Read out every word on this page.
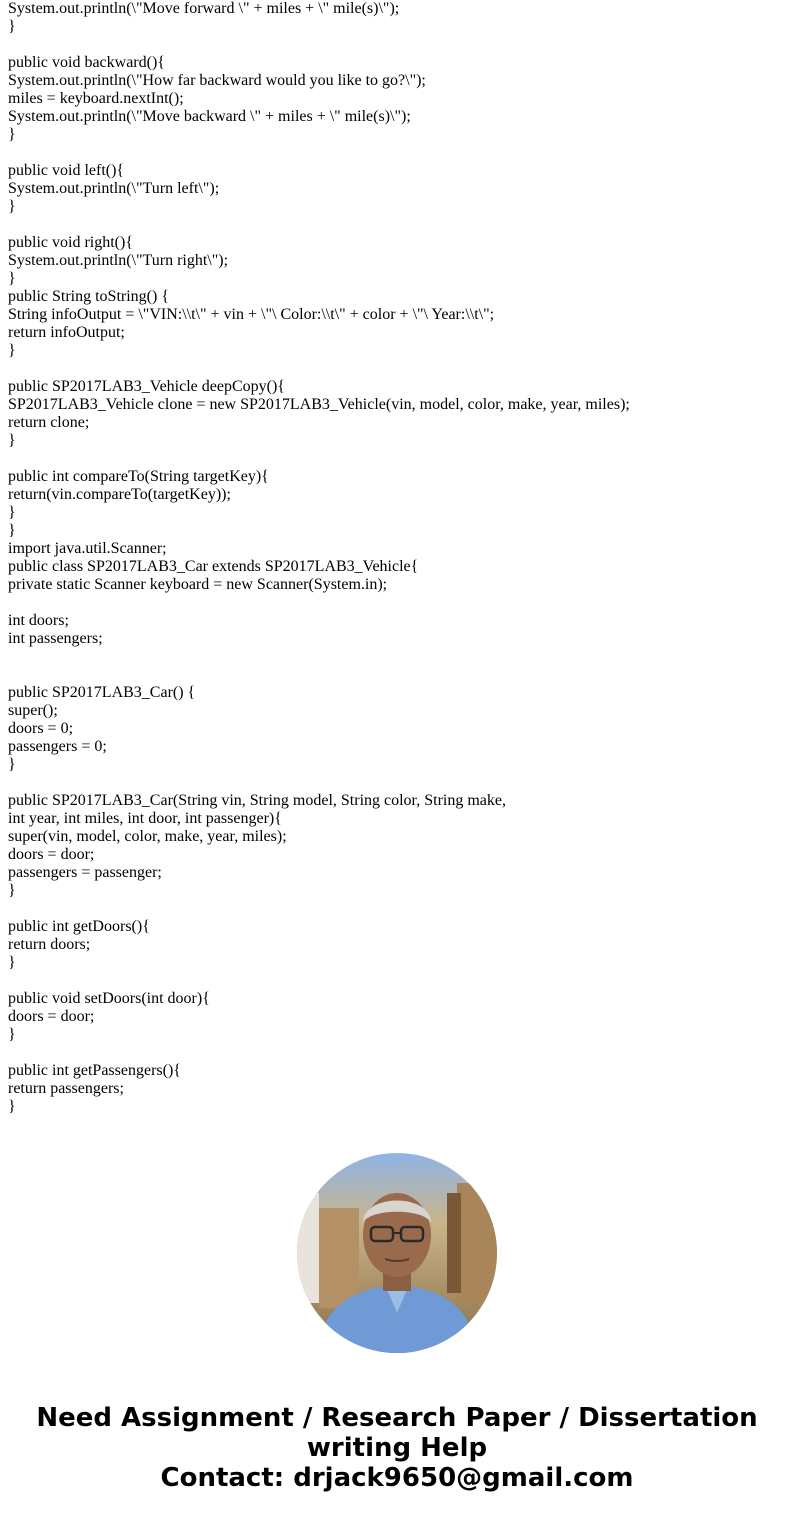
System.out.println(\"Move forward \" + miles + \" mile(s)\");
}
public void backward(){
System.out.println(\"How far backward would you like to go?\");
miles = keyboard.nextInt();
System.out.println(\"Move backward \" + miles + \" mile(s)\");
}
public void left(){
System.out.println(\"Turn left\");
}
public void right(){
System.out.println(\"Turn right\");
}
public String toString() {
String infoOutput = \"VIN:\\t\" + vin + \"\ Color:\\t\" + color + \"\ Year:\\t\";
return infoOutput;
}
public SP2017LAB3_Vehicle deepCopy(){
SP2017LAB3_Vehicle clone = new SP2017LAB3_Vehicle(vin, model, color, make, year, miles);
return clone;
}
public int compareTo(String targetKey){
return(vin.compareTo(targetKey));
}
}
import java.util.Scanner;
public class SP2017LAB3_Car extends SP2017LAB3_Vehicle{
private static Scanner keyboard = new Scanner(System.in);
int doors;
int passengers;
public SP2017LAB3_Car() {
super();
doors = 0;
passengers = 0;
}
public SP2017LAB3_Car(String vin, String model, String color, String make,
int year, int miles, int door, int passenger){
super(vin, model, color, make, year, miles);
doors = door;
passengers = passenger;
}
public int getDoors(){
return doors;
}
public void setDoors(int door){
doors = door;
}
public int getPassengers(){
return passengers;
}
Need Assignment / Research Paper / Dissertation
writing Help
Contact: drjack9650@gmail.com
